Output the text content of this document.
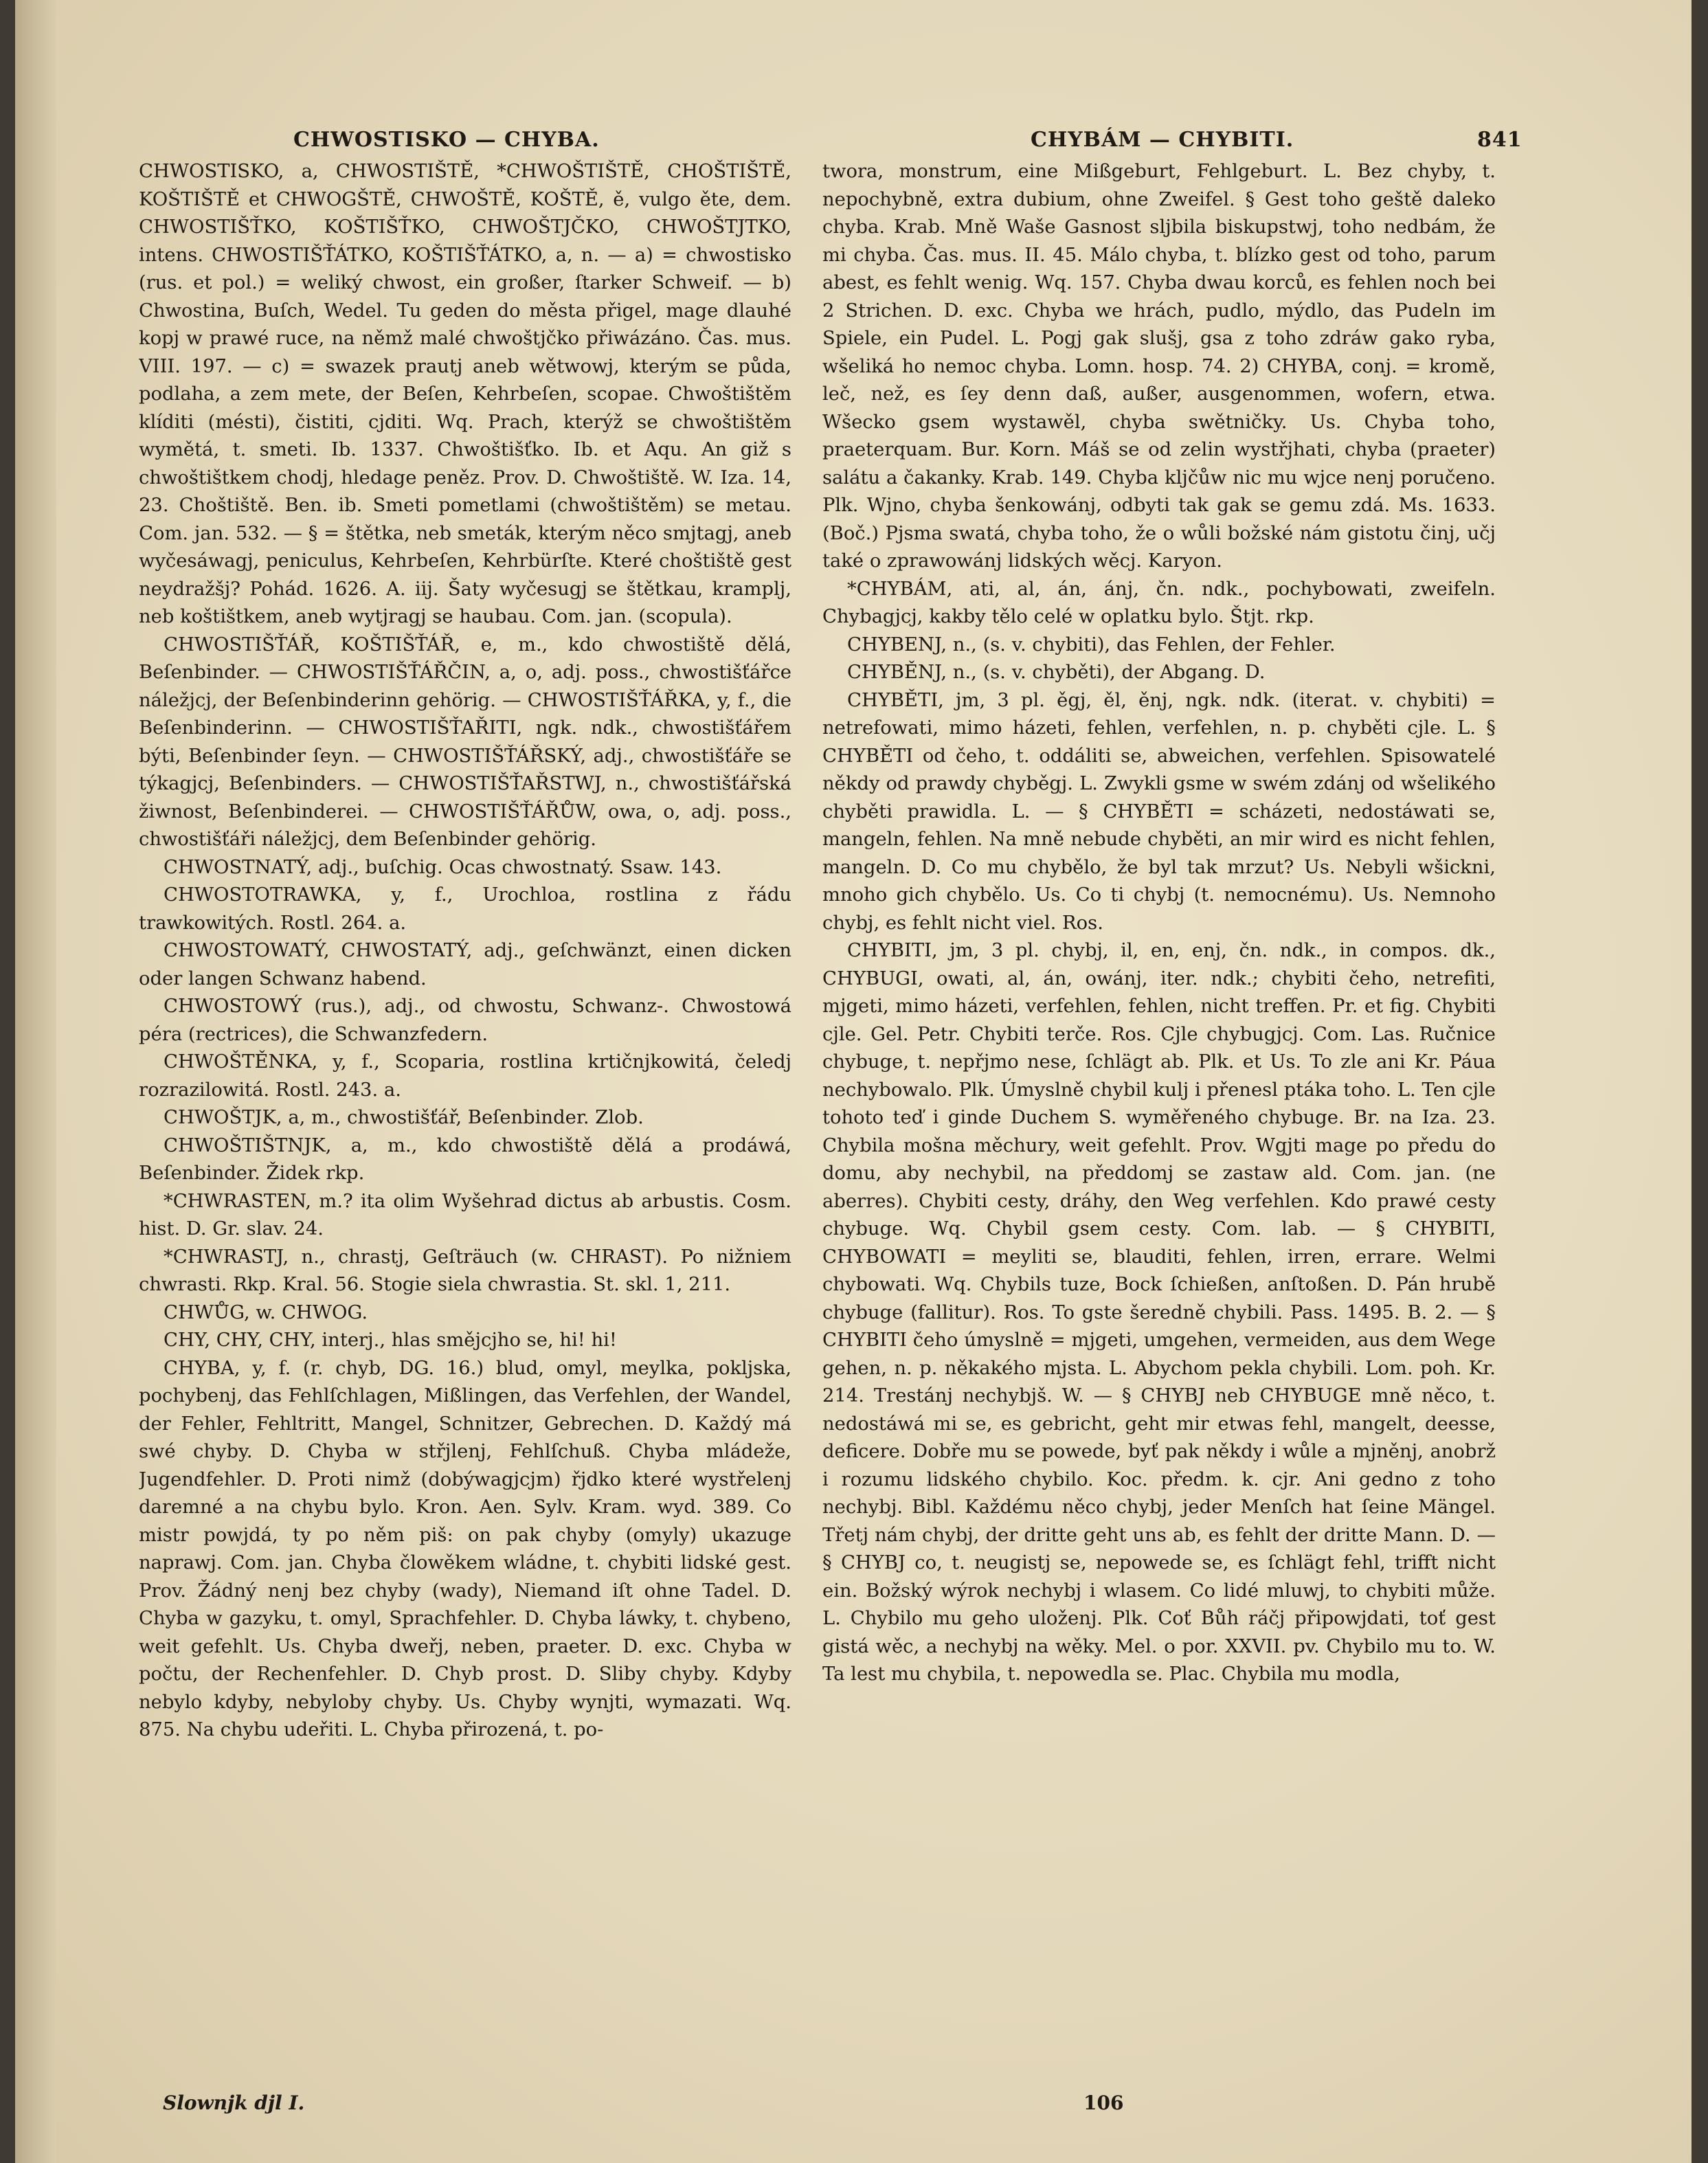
CHWOSTISKO — CHYBA.	CHYBÁM — CHYBITI.	841

CHWOSTISKO, a, CHWOSTIŠTĚ, *CHWOŠTIŠTĚ, CHOŠTIŠTĚ, KOŠTIŠTĚ et CHWOGŠTĚ, CHWOŠTĚ, KOŠTĚ, ě, vulgo ěte, dem. CHWOSTIŠŤKO, KOŠTIŠŤKO, CHWOŠTJČKO, CHWOŠTJTKO, intens. CHWOSTIŠŤÁTKO, KOŠTIŠŤÁTKO, a, n. — a) = chwostisko (rus. et pol.) = weliký chwost, ein großer, ſtarker Schweif. — b) Chwostina, Buſch, Wedel. Tu geden do města přigel, mage dlauhé kopj w prawé ruce, na němž malé chwoštjčko přiwázáno. Čas. mus. VIII. 197. — c) = swazek prautj aneb wětwowj, kterým se půda, podlaha, a zem mete, der Beſen, Kehrbeſen, scopae. Chwoštištěm klíditi (mésti), čistiti, cjditi. Wq. Prach, kterýž se chwoštištěm wymětá, t. smeti. Ib. 1337. Chwoštišťko. Ib. et Aqu. An giž s chwoštištkem chodj, hledage peněz. Prov. D. Chwoštiště. W. Iza. 14, 23. Choštiště. Ben. ib. Smeti pometlami (chwoštištěm) se metau. Com. jan. 532. — § = štětka, neb smeták, kterým něco smjtagj, aneb wyčesáwagj, peniculus, Kehrbeſen, Kehrbürſte. Které choštiště gest neydražšj? Pohád. 1626. A. iij. Šaty wyčesugj se štětkau, kramplj, neb koštištkem, aneb wytjragj se haubau. Com. jan. (scopula).

CHWOSTIŠŤÁŘ, KOŠTIŠŤÁŘ, e, m., kdo chwostiště dělá, Beſenbinder. — CHWOSTIŠŤÁŘČIN, a, o, adj. poss., chwostišťářce náležjcj, der Beſenbinderinn gehörig. — CHWOSTIŠŤÁŘKA, y, f., die Beſenbinderinn. — CHWOSTIŠŤAŘITI, ngk. ndk., chwostišťářem býti, Beſenbinder ſeyn. — CHWOSTIŠŤÁŘSKÝ, adj., chwostišťáře se týkagjcj, Beſenbinders. — CHWOSTIŠŤAŘSTWJ, n., chwostišťářská žiwnost, Beſenbinderei. — CHWOSTIŠŤÁŘŮW, owa, o, adj. poss., chwostišťáři náležjcj, dem Beſenbinder gehörig.

CHWOSTNATÝ, adj., buſchig. Ocas chwostnatý. Ssaw. 143.

CHWOSTOTRAWKA, y, f., Urochloa, rostlina z řádu trawkowitých. Rostl. 264. a.

CHWOSTOWATÝ, CHWOSTATÝ, adj., geſchwänzt, einen dicken oder langen Schwanz habend.

CHWOSTOWÝ (rus.), adj., od chwostu, Schwanz-. Chwostowá péra (rectrices), die Schwanzfedern.

CHWOŠTĚNKA, y, f., Scoparia, rostlina krtičnjkowitá, čeledj rozrazilowitá. Rostl. 243. a.

CHWOŠTJK, a, m., chwostišťář, Beſenbinder. Zlob.

CHWOŠTIŠTNJK, a, m., kdo chwostiště dělá a prodáwá, Beſenbinder. Židek rkp.

*CHWRASTEN, m.? ita olim Wyšehrad dictus ab arbustis. Cosm. hist. D. Gr. slav. 24.

*CHWRASTJ, n., chrastj, Geſträuch (w. CHRAST). Po nižniem chwrasti. Rkp. Kral. 56. Stogie siela chwrastia. St. skl. 1, 211.

CHWŮG, w. CHWOG.

CHY, CHY, CHY, interj., hlas smějcjho se, hi! hi!

CHYBA, y, f. (r. chyb, DG. 16.) blud, omyl, meylka, poklјska, pochybenj, das Fehlſchlagen, Mißlingen, das Verfehlen, der Wandel, der Fehler, Fehltritt, Mangel, Schnitzer, Gebrechen. D. Každý má swé chyby. D. Chyba w střjlenj, Fehlſchuß. Chyba mládeže, Jugendfehler. D. Proti nimž (dobýwagjcjm) řjdko které wystřelenj daremné a na chybu bylo. Kron. Aen. Sylv. Kram. wyd. 389. Co mistr powjdá, ty po něm piš: on pak chyby (omyly) ukazuge naprawj. Com. jan. Chyba člowěkem wládne, t. chybiti lidské gest. Prov. Žádný nenj bez chyby (wady), Niemand iſt ohne Tadel. D. Chyba w gazyku, t. omyl, Sprachfehler. D. Chyba láwky, t. chybeno, weit gefehlt. Us. Chyba dweřj, neben, praeter. D. exc. Chyba w počtu, der Rechenfehler. D. Chyb prost. D. Sliby chyby. Kdyby nebylo kdyby, nebyloby chyby. Us. Chyby wynjti, wymazati. Wq. 875. Na chybu udeřiti. L. Chyba přirozená, t. po-

twora, monstrum, eine Mißgeburt, Fehlgeburt. L. Bez chyby, t. nepochybně, extra dubium, ohne Zweifel. § Gest toho geště daleko chyba. Krab. Mně Waše Gasnost sljbila biskupstwj, toho nedbám, že mi chyba. Čas. mus. II. 45. Málo chyba, t. blízko gest od toho, parum abest, es fehlt wenig. Wq. 157. Chyba dwau korců, es fehlen noch bei 2 Strichen. D. exc. Chyba we hrách, pudlo, mýdlo, das Pudeln im Spiele, ein Pudel. L. Pogj gak slušj, gsa z toho zdráw gako ryba, wšeliká ho nemoc chyba. Lomn. hosp. 74. 2) CHYBA, conj. = kromě, leč, než, es ſey denn daß, außer, ausgenommen, wofern, etwa. Wšecko gsem wystawěl, chyba swětničky. Us. Chyba toho, praeterquam. Bur. Korn. Máš se od zelin wystřjhati, chyba (praeter) salátu a čakanky. Krab. 149. Chyba kljčůw nic mu wjce nenj poručeno. Plk. Wjno, chyba šenkowánj, odbyti tak gak se gemu zdá. Ms. 1633. (Boč.) Pjsma swatá, chyba toho, že o wůli božské nám gistotu činj, učj také o zprawowánj lidských wěcj. Karyon.

*CHYBÁM, ati, al, án, ánj, čn. ndk., pochybowati, zweifeln. Chybagjcj, kakby tělo celé w oplatku bylo. Štjt. rkp.

CHYBENJ, n., (s. v. chybiti), das Fehlen, der Fehler.

CHYBĚNJ, n., (s. v. chyběti), der Abgang. D.

CHYBĚTI, jm, 3 pl. ěgj, ěl, ěnj, ngk. ndk. (iterat. v. chybiti) = netrefowati, mimo házeti, fehlen, verfehlen, n. p. chyběti cjle. L. § CHYBĚTI od čeho, t. oddáliti se, abweichen, verfehlen. Spisowatelé někdy od prawdy chyběgj. L. Zwykli gsme w swém zdánj od wšelikého chyběti prawidla. L. — § CHYBĚTI = scházeti, nedostáwati se, mangeln, fehlen. Na mně nebude chyběti, an mir wird es nicht fehlen, mangeln. D. Co mu chybělo, že byl tak mrzut? Us. Nebyli wšickni, mnoho gich chybělo. Us. Co ti chybj (t. nemocnému). Us. Nemnoho chybj, es fehlt nicht viel. Ros.

CHYBITI, jm, 3 pl. chybj, il, en, enj, čn. ndk., in compos. dk., CHYBUGI, owati, al, án, owánj, iter. ndk.; chybiti čeho, netrefiti, mjgeti, mimo házeti, verfehlen, fehlen, nicht treffen. Pr. et fig. Chybiti cjle. Gel. Petr. Chybiti terče. Ros. Cjle chybugjcj. Com. Las. Ručnice chybuge, t. nepřjmo nese, ſchlägt ab. Plk. et Us. To zle ani Kr. Páua nechybowalo. Plk. Úmyslně chybil kulj i přenesl ptáka toho. L. Ten cjle tohoto teď i ginde Duchem S. wyměřeného chybuge. Br. na Iza. 23. Chybila mošna měchury, weit gefehlt. Prov. Wgjti mage po předu do domu, aby nechybil, na předdomj se zastaw ald. Com. jan. (ne aberres). Chybiti cesty, dráhy, den Weg verfehlen. Kdo prawé cesty chybuge. Wq. Chybil gsem cesty. Com. lab. — § CHYBITI, CHYBOWATI = meyliti se, blauditi, fehlen, irren, errare. Welmi chybowati. Wq. Chybils tuze, Bock ſchießen, anſtoßen. D. Pán hrubě chybuge (fallitur). Ros. To gste šeredně chybili. Pass. 1495. B. 2. — § CHYBITI čeho úmyslně = mjgeti, umgehen, vermeiden, aus dem Wege gehen, n. p. někakého mjsta. L. Abychom pekla chybili. Lom. poh. Kr. 214. Trestánj nechybjš. W. — § CHYBJ neb CHYBUGE mně něco, t. nedostáwá mi se, es gebricht, geht mir etwas fehl, mangelt, deesse, deficere. Dobře mu se powede, byť pak někdy i wůle a mjněnj, anobrž i rozumu lidského chybilo. Koc. předm. k. cjr. Ani gedno z toho nechybj. Bibl. Každému něco chybj, jeder Menſch hat ſeine Mängel. Třetj nám chybj, der dritte geht uns ab, es fehlt der dritte Mann. D. — § CHYBJ co, t. neugistj se, nepowede se, es ſchlägt fehl, trifft nicht ein. Božský wýrok nechybj i wlasem. Co lidé mluwj, to chybiti může. L. Chybilo mu geho uloženj. Plk. Coť Bůh ráčj připowjdati, toť gest gistá wěc, a nechybj na wěky. Mel. o por. XXVII. pv. Chybilo mu to. W. Ta lest mu chybila, t. nepowedla se. Plac. Chybila mu modla,

Slownjk djl I.	106
